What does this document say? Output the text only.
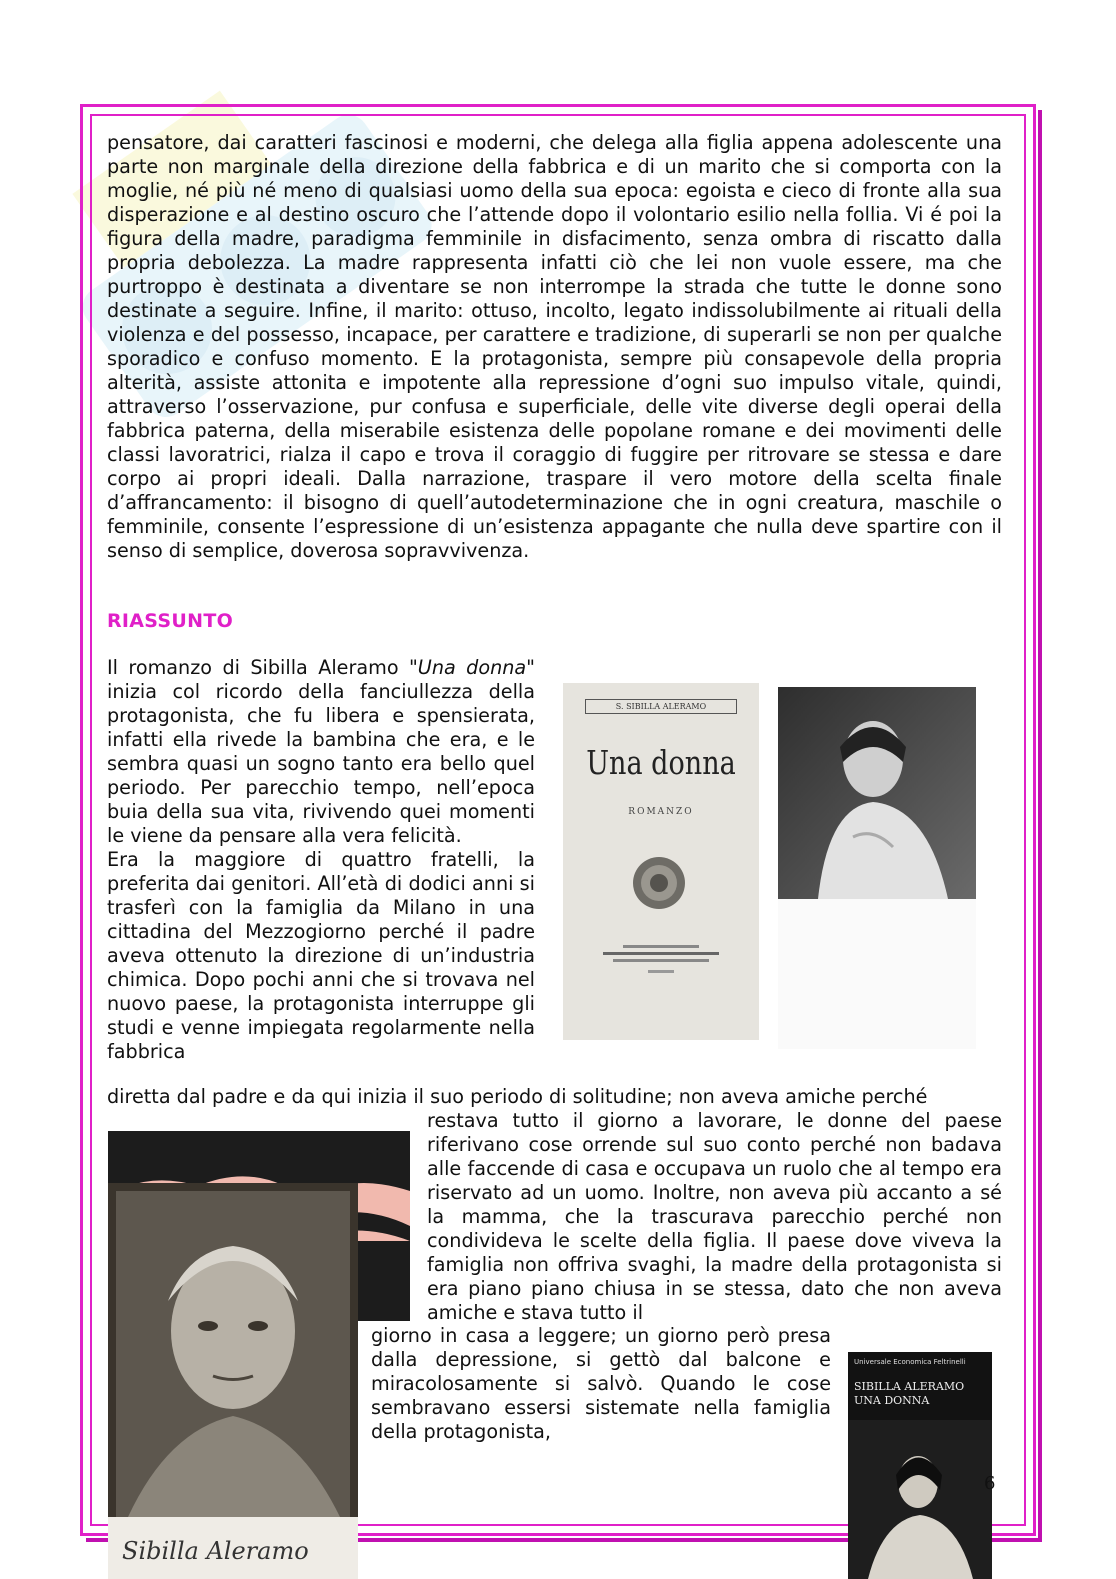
pensatore, dai caratteri fascinosi e moderni, che delega alla figlia appena adolescente una parte non marginale della direzione della fabbrica e di un marito che si comporta con la moglie, né più né meno di qualsiasi uomo della sua epoca: egoista e cieco di fronte alla sua disperazione e al destino oscuro che l’attende dopo il volontario esilio nella follia. Vi é poi la figura della madre, paradigma femminile in disfacimento, senza ombra di riscatto dalla propria debolezza. La madre rappresenta infatti ciò che lei non vuole essere, ma che purtroppo è destinata a diventare se non interrompe la strada che tutte le donne sono destinate a seguire. Infine, il marito: ottuso, incolto, legato indissolubilmente ai rituali della violenza e del possesso, incapace, per carattere e tradizione, di superarli se non per qualche sporadico e confuso momento. E la protagonista, sempre più consapevole della propria alterità, assiste attonita e impotente alla repressione d’ogni suo impulso vitale, quindi, attraverso l’osservazione, pur confusa e superficiale, delle vite diverse degli operai della fabbrica paterna, della miserabile esistenza delle popolane romane e dei movimenti delle classi lavoratrici, rialza il capo e trova il coraggio di fuggire per ritrovare se stessa e dare corpo ai propri ideali. Dalla narrazione, traspare il vero motore della scelta finale d’affrancamento: il bisogno di quell’autodeterminazione che in ogni creatura, maschile o femminile, consente l’espressione di un’esistenza appagante che nulla deve spartire con il senso di semplice, doverosa sopravvivenza.
RIASSUNTO
Il romanzo di Sibilla Aleramo "Una donna" inizia col ricordo della fanciullezza della protagonista, che fu libera e spensierata, infatti ella rivede la bambina che era, e le sembra quasi un sogno tanto era bello quel periodo. Per parecchio tempo, nell’epoca buia della sua vita, rivivendo quei momenti le viene da pensare alla vera felicità.
Era la maggiore di quattro fratelli, la preferita dai genitori. All’età di dodici anni si trasferì con la famiglia da Milano in una cittadina del Mezzogiorno perché il padre aveva ottenuto la direzione di un’industria chimica. Dopo pochi anni che si trovava nel nuovo paese, la protagonista interruppe gli studi e venne impiegata regolarmente nella fabbrica
diretta dal padre e da qui inizia il suo periodo di solitudine; non aveva amiche perché
restava tutto il giorno a lavorare, le donne del paese riferivano cose orrende sul suo conto perché non badava alle faccende di casa e occupava un ruolo che al tempo era riservato ad un uomo. Inoltre, non aveva più accanto a sé la mamma, che la trascurava parecchio perché non condivideva le scelte della figlia. Il paese dove viveva la famiglia non offriva svaghi, la madre della protagonista si era piano piano chiusa in se stessa, dato che non aveva amiche e stava tutto il
giorno in casa a leggere; un giorno però presa dalla depressione, si gettò dal balcone e miracolosamente si salvò. Quando le cose sembravano essersi sistemate nella famiglia della protagonista,
S. SIBILLA ALERAMO
Una donna
ROMANZO
Sibilla Aleramo
Universale Economica Feltrinelli
SIBILLA ALERAMO
UNA DONNA
6
